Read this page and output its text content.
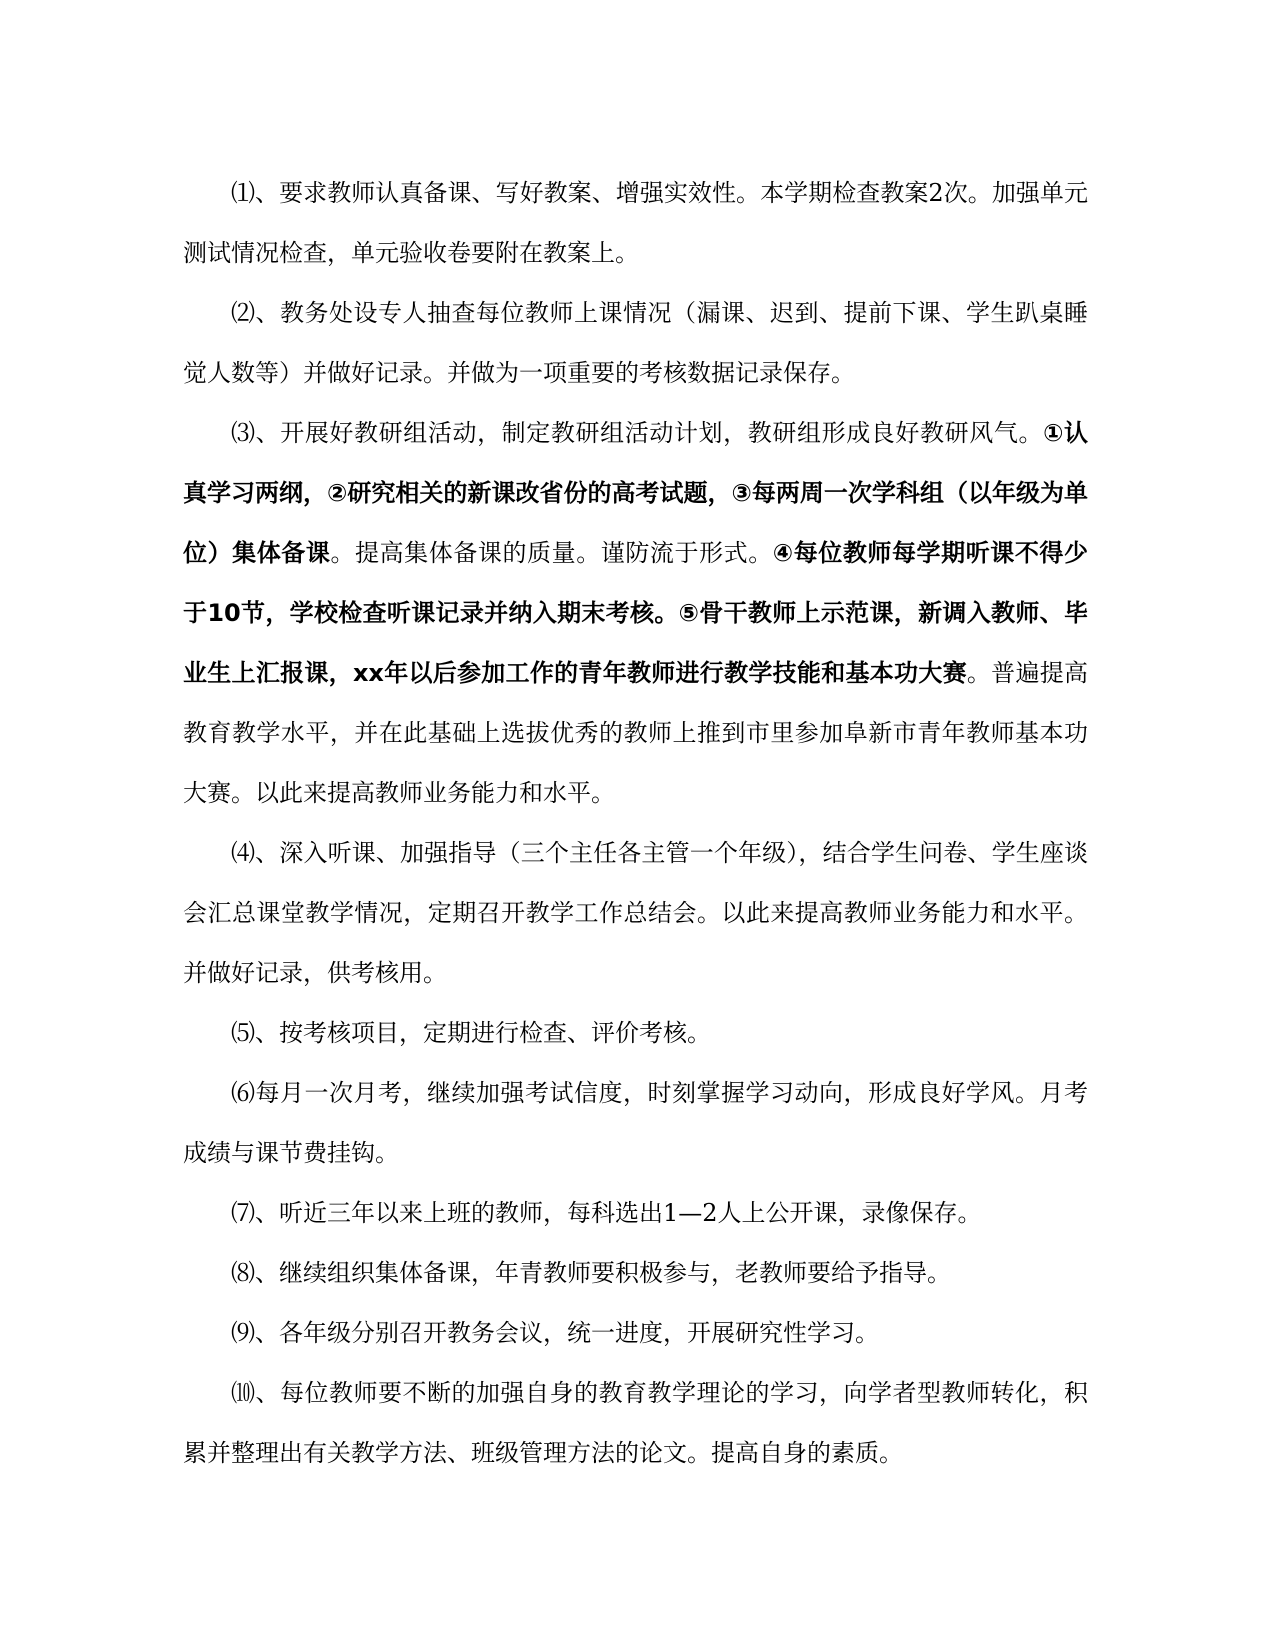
⑴、要求教师认真备课、写好教案、增强实效性。本学期检查教案2次。加强单元测试情况检查，单元验收卷要附在教案上。

⑵、教务处设专人抽查每位教师上课情况（漏课、迟到、提前下课、学生趴桌睡觉人数等）并做好记录。并做为一项重要的考核数据记录保存。

⑶、开展好教研组活动，制定教研组活动计划，教研组形成良好教研风气。①认真学习两纲，②研究相关的新课改省份的高考试题，③每两周一次学科组（以年级为单位）集体备课。提高集体备课的质量。谨防流于形式。④每位教师每学期听课不得少于10节，学校检查听课记录并纳入期末考核。⑤骨干教师上示范课，新调入教师、毕业生上汇报课，xx年以后参加工作的青年教师进行教学技能和基本功大赛。普遍提高教育教学水平，并在此基础上选拔优秀的教师上推到市里参加阜新市青年教师基本功大赛。以此来提高教师业务能力和水平。

⑷、深入听课、加强指导（三个主任各主管一个年级），结合学生问卷、学生座谈会汇总课堂教学情况，定期召开教学工作总结会。以此来提高教师业务能力和水平。并做好记录，供考核用。

⑸、按考核项目，定期进行检查、评价考核。

⑹每月一次月考，继续加强考试信度，时刻掌握学习动向，形成良好学风。月考成绩与课节费挂钩。

⑺、听近三年以来上班的教师，每科选出1—2人上公开课，录像保存。

⑻、继续组织集体备课，年青教师要积极参与，老教师要给予指导。

⑼、各年级分别召开教务会议，统一进度，开展研究性学习。

⑽、每位教师要不断的加强自身的教育教学理论的学习，向学者型教师转化，积累并整理出有关教学方法、班级管理方法的论文。提高自身的素质。
